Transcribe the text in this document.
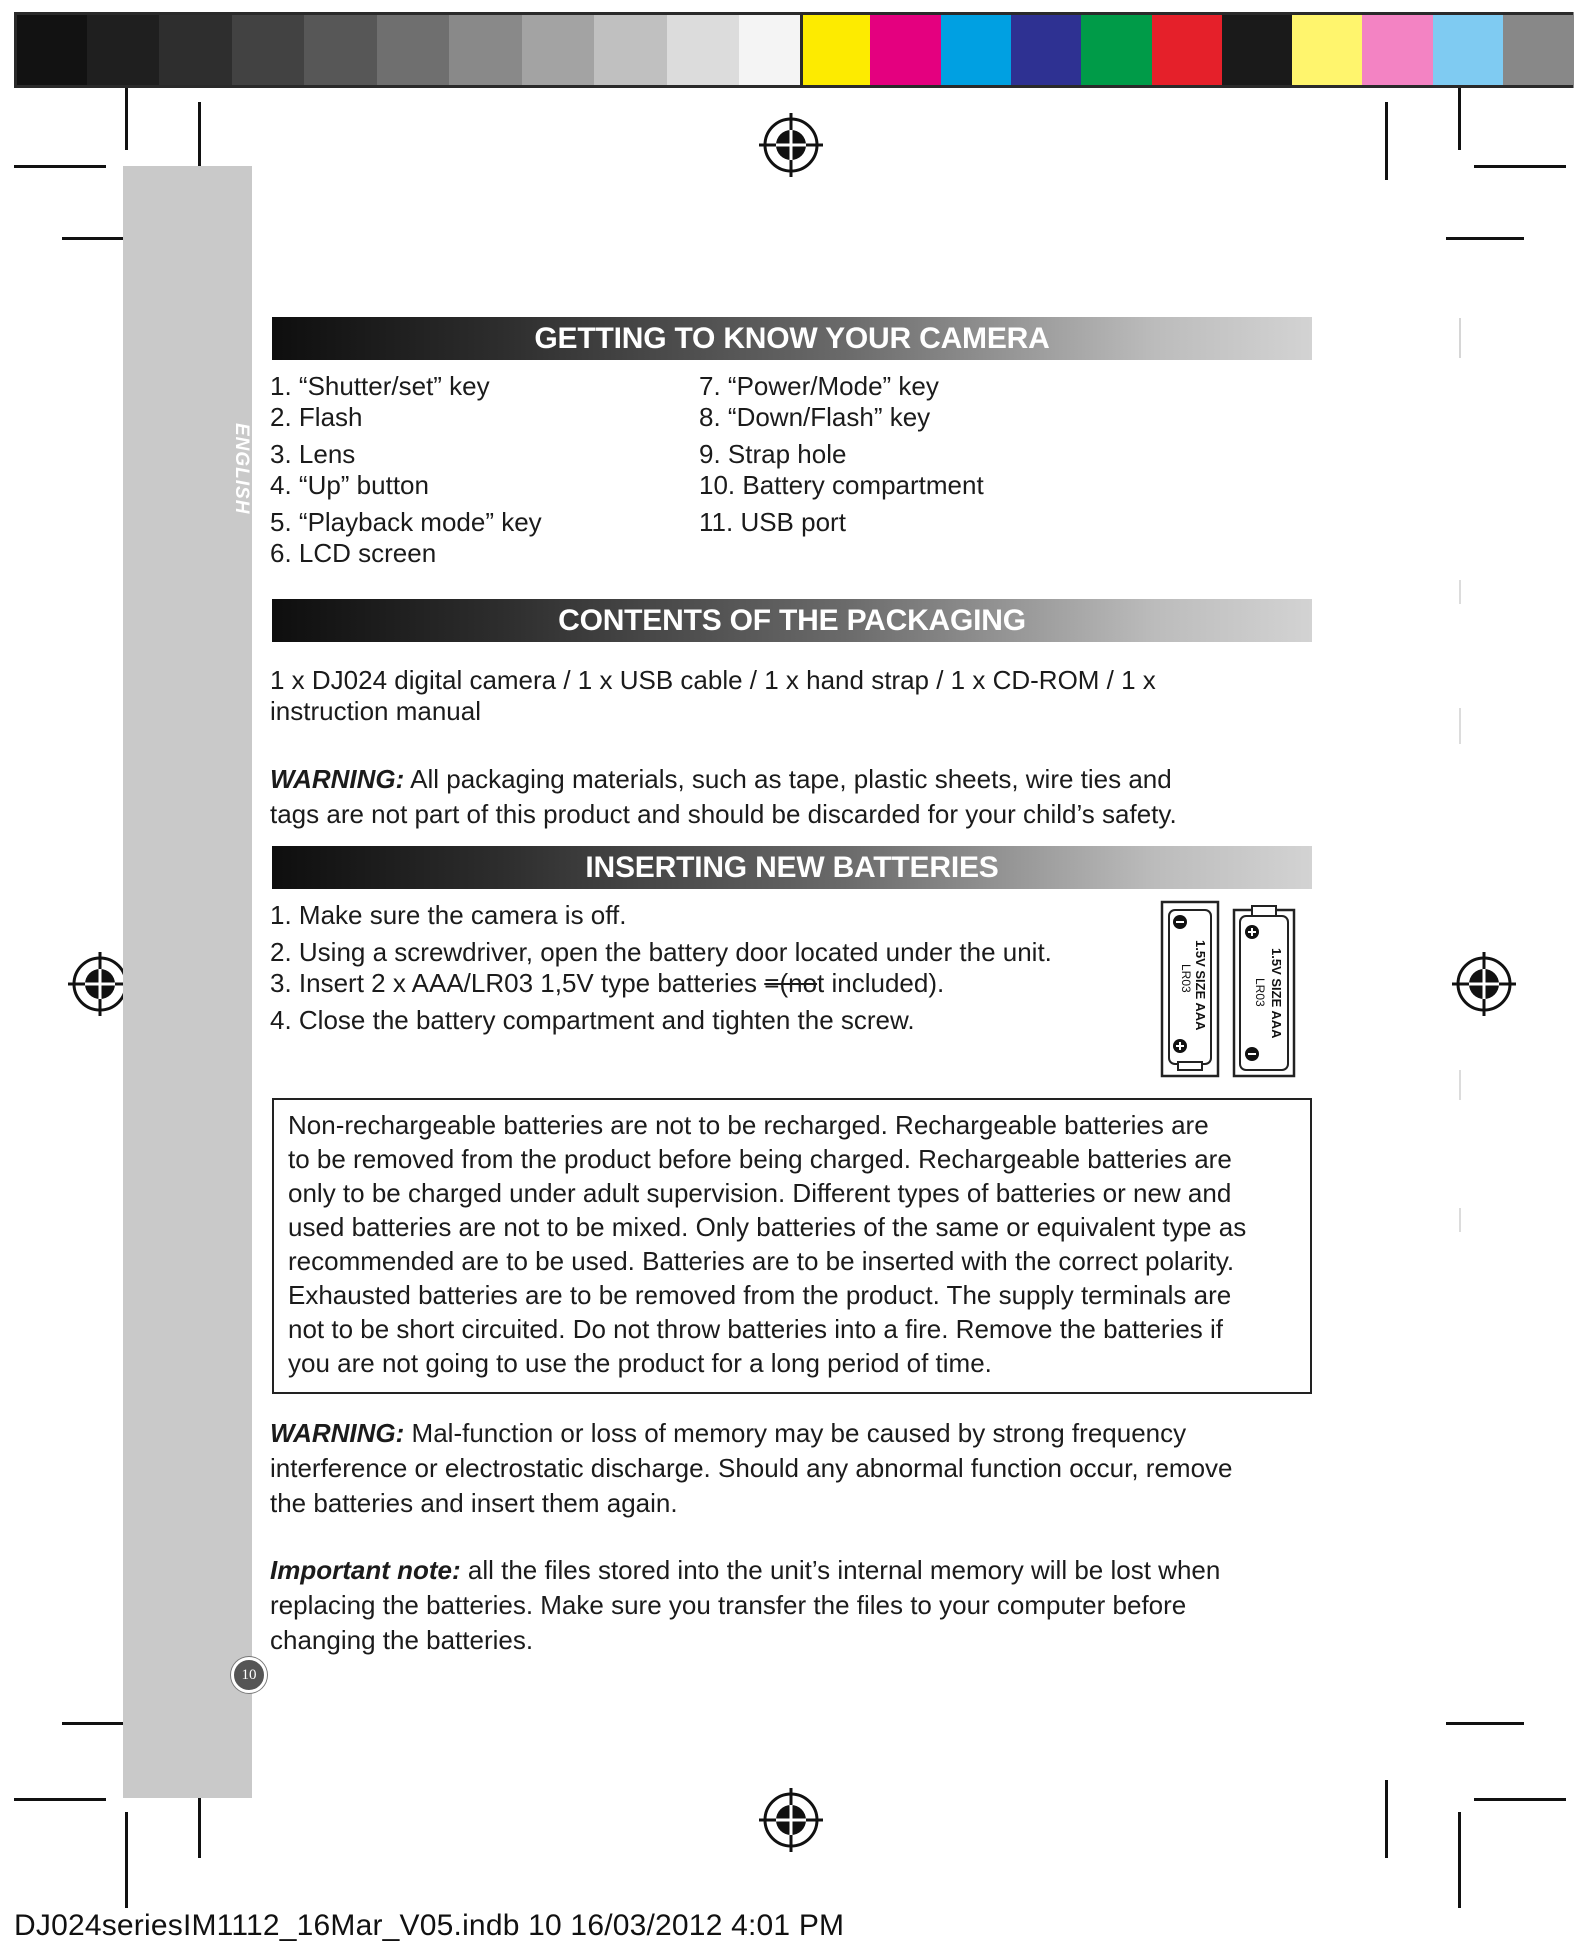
ENGLISH
GETTING TO KNOW YOUR CAMERA
1. “Shutter/set” key
2. Flash
3. Lens
4. “Up” button
5. “Playback mode” key
6. LCD screen
7. “Power/Mode” key
8. “Down/Flash” key
9. Strap hole
10. Battery compartment
11. USB port
CONTENTS OF THE PACKAGING
1 x DJ024 digital camera / 1 x USB cable / 1 x hand strap / 1 x CD-ROM / 1 x
instruction manual
WARNING: All packaging materials, such as tape, plastic sheets, wire ties and
tags are not part of this product and should be discarded for your child’s safety.
INSERTING NEW BATTERIES
1. Make sure the camera is off.
2. Using a screwdriver, open the battery door located under the unit.
3. Insert 2 x AAA/LR03 1,5V type batteries =(not included).
4. Close the battery compartment and tighten the screw.	1.5V SIZE AAA
LR03	1.5V SIZE AAA
LR03
Non-rechargeable batteries are not to be recharged. Rechargeable batteries are
to be removed from the product before being charged. Rechargeable batteries are
only to be charged under adult supervision. Different types of batteries or new and
used batteries are not to be mixed. Only batteries of the same or equivalent type as
recommended are to be used. Batteries are to be inserted with the correct polarity.
Exhausted batteries are to be removed from the product. The supply terminals are
not to be short circuited. Do not throw batteries into a fire. Remove the batteries if
you are not going to use the product for a long period of time.
WARNING: Mal-function or loss of memory may be caused by strong frequency
interference or electrostatic discharge. Should any abnormal function occur, remove
the batteries and insert them again.
Important note: all the files stored into the unit’s internal memory will be lost when
replacing the batteries. Make sure you transfer the files to your computer before
changing the batteries.
10
DJ024seriesIM1112_16Mar_V05.indb 10 16/03/2012 4:01 PM
